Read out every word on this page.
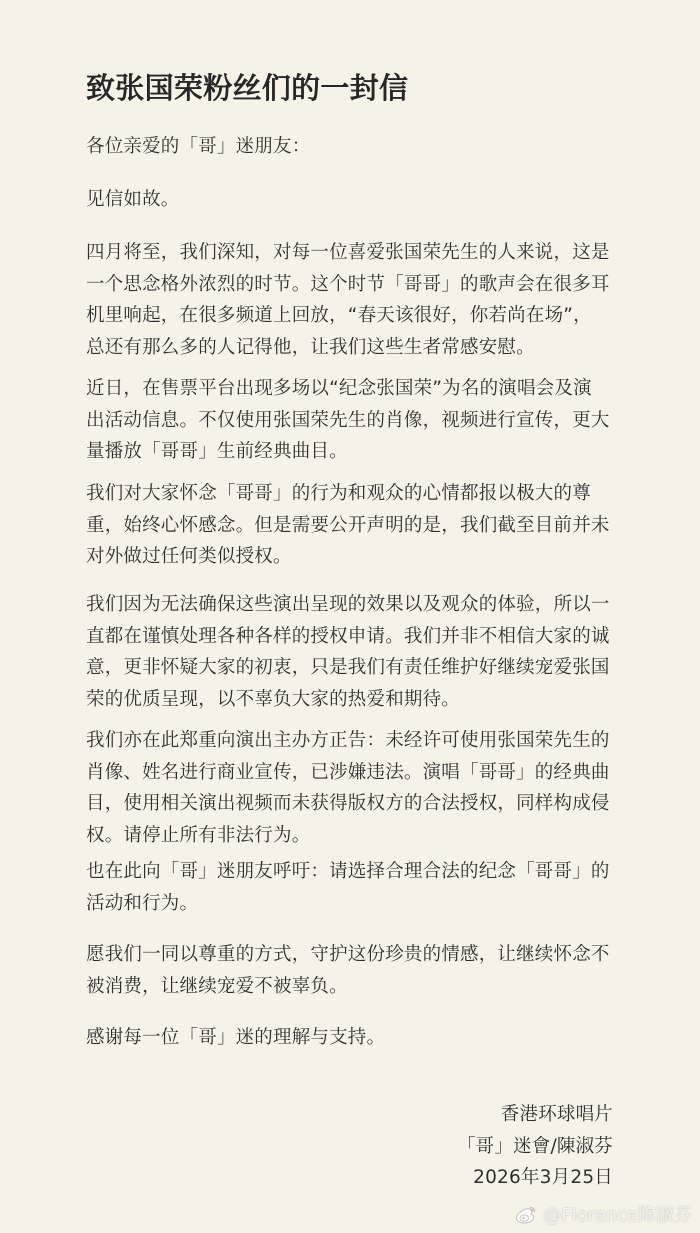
致张国荣粉丝们的一封信
各位亲爱的「哥」迷朋友：
见信如故。
四月将至，我们深知，对每一位喜爱张国荣先生的人来说，这是
一个思念格外浓烈的时节。这个时节「哥哥」的歌声会在很多耳
机里响起，在很多频道上回放，“春天该很好，你若尚在场”，
总还有那么多的人记得他，让我们这些生者常感安慰。
近日，在售票平台出现多场以“纪念张国荣”为名的演唱会及演
出活动信息。不仅使用张国荣先生的肖像，视频进行宣传，更大
量播放「哥哥」生前经典曲目。
我们对大家怀念「哥哥」的行为和观众的心情都报以极大的尊
重，始终心怀感念。但是需要公开声明的是，我们截至目前并未
对外做过任何类似授权。
我们因为无法确保这些演出呈现的效果以及观众的体验，所以一
直都在谨慎处理各种各样的授权申请。我们并非不相信大家的诚
意，更非怀疑大家的初衷，只是我们有责任维护好继续宠爱张国
荣的优质呈现，以不辜负大家的热爱和期待。
我们亦在此郑重向演出主办方正告：未经许可使用张国荣先生的
肖像、姓名进行商业宣传，已涉嫌违法。演唱「哥哥」的经典曲
目，使用相关演出视频而未获得版权方的合法授权，同样构成侵
权。请停止所有非法行为。
也在此向「哥」迷朋友呼吁：请选择合理合法的纪念「哥哥」的
活动和行为。
愿我们一同以尊重的方式，守护这份珍贵的情感，让继续怀念不
被消费，让继续宠爱不被辜负。
感谢每一位「哥」迷的理解与支持。
香港环球唱片
「哥」迷會/陳淑芬
2026年3月25日
@Florence陈淑芬
